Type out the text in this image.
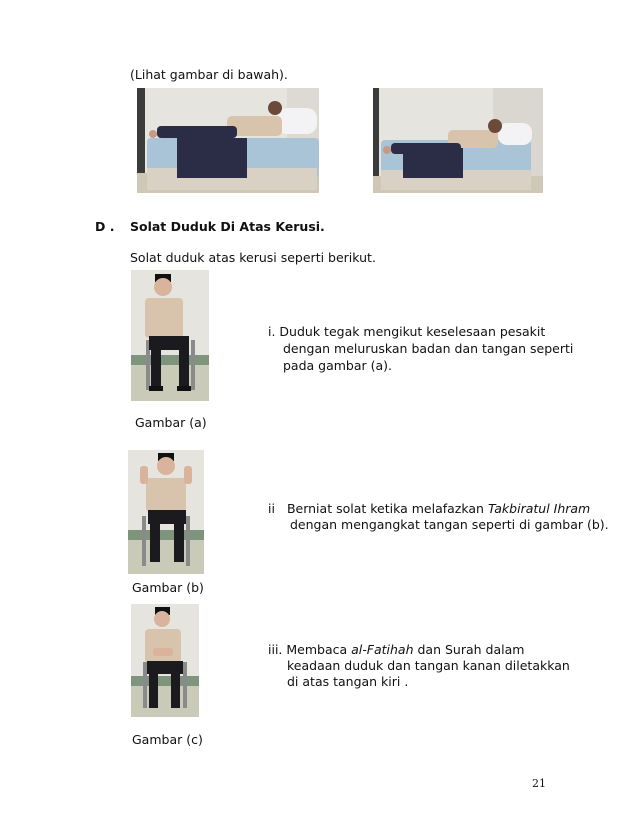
(Lihat gambar di bawah).
D . Solat Duduk Di Atas Kerusi.
Solat duduk atas kerusi seperti berikut.
i. Duduk tegak mengikut keselesaan pesakit
dengan meluruskan badan dan tangan seperti
pada gambar (a).
Gambar (a)
ii Berniat solat ketika melafazkan Takbiratul Ihram
dengan mengangkat tangan seperti di gambar (b).
Gambar (b)
iii. Membaca al-Fatihah dan Surah dalam
keadaan duduk dan tangan kanan diletakkan
di atas tangan kiri .
Gambar (c)
21
